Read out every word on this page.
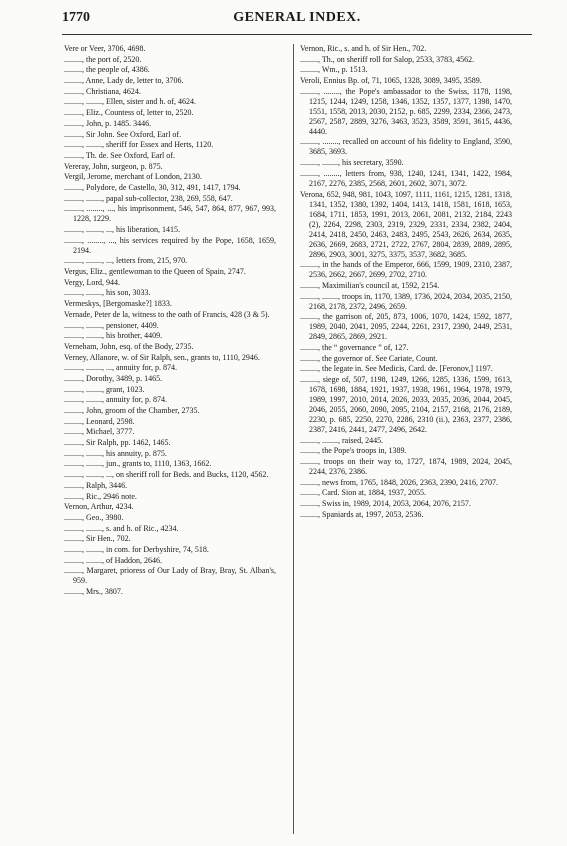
1770	GENERAL INDEX.

Vere or Veer, 3706, 4698.

........., the port of, 2520.

........., the people of, 4386.

........., Anne, Lady de, letter to, 3706.

........., Christiana, 4624.

........., ........, Ellen, sister and h. of, 4624.

........., Eliz., Countess of, letter to, 2520.

........., John, p. 1485. 3446.

........., Sir John. See Oxford, Earl of.

........., ........, sheriff for Essex and Herts, 1120.

........., Th. de. See Oxford, Earl of.

Vereray, John, surgeon, p. 875.

Vergil, Jerome, merchant of London, 2130.

........., Polydore, de Castello, 30, 312, 491, 1417, 1794.

........., ........, papal sub-collector, 238, 269, 558, 647.

........., ........, ..., his imprisonment, 546, 547, 864, 877, 967, 993, 1228, 1229.

........., ........, ..., his liberation, 1415.

........., ........, ..., his services required by the Pope, 1658, 1659, 2194.

........., ........, ..., letters from, 215, 970.

Vergus, Eliz., gentlewoman to the Queen of Spain, 2747.

Vergy, Lord, 944.

........., ........, his son, 3033.

Vermeskys, [Bergomaske?] 1833.

Vernade, Peter de la, witness to the oath of Francis, 428 (3 & 5).

........., ........, pensioner, 4409.

........., ........, his brother, 4409.

Verneham, John, esq. of the Body, 2735.

Verney, Allanore, w. of Sir Ralph, sen., grants to, 1110, 2946.

........., ........, ..., annuity for, p. 874.

........., Dorothy, 3489, p. 1465.

........., ........, grant, 1023.

........., ........, annuity for, p. 874.

........., John, groom of the Chamber, 2735.

........., Leonard, 2598.

........., Michael, 3777.

........., Sir Ralph, pp. 1462, 1465.

........., ........, his annuity, p. 875.

........., ........, jun., grants to, 1110, 1363, 1662.

........., ........, ..., on sheriff roll for Beds. and Bucks, 1120, 4562.

........., Ralph, 3446.

........., Ric., 2946 note.

Vernon, Arthur, 4234.

........., Geo., 3980.

........., ........, s. and h. of Ric., 4234.

........., Sir Hen., 702.

........., ........, in com. for Derbyshire, 74, 518.

........., ........, of Haddon, 2646.

........., Margaret, prioress of Our Lady of Bray, Bray, St. Alban's, 959.

........., Mrs., 3807.

Vernon, Ric., s. and h. of Sir Hen., 702.

........., Th., on sheriff roll for Salop, 2533, 3783, 4562.

........., Wm., p. 1513.

Veroli, Ennius Bp. of, 71, 1065, 1328, 3089, 3495, 3589.

........., ........, the Pope's ambassador to the Swiss, 1178, 1198, 1215, 1244, 1249, 1258, 1346, 1352, 1357, 1377, 1398, 1470, 1551, 1558, 2013, 2030, 2152, p. 685, 2299, 2334, 2366, 2473, 2567, 2587, 2889, 3276, 3463, 3523, 3589, 3591, 3615, 4436, 4440.

........., ........, recalled on account of his fidelity to England, 3590, 3685, 3693.

........., ........, his secretary, 3590.

........., ........, letters from, 938, 1240, 1241, 1341, 1422, 1984, 2167, 2276, 2385, 2568, 2601, 2602, 3071, 3072.

Verona, 652, 948, 981, 1043, 1097, 1111, 1161, 1215, 1281, 1318, 1341, 1352, 1380, 1392, 1404, 1413, 1418, 1581, 1618, 1653, 1684, 1711, 1853, 1991, 2013, 2061, 2081, 2132, 2184, 2243 (2), 2264, 2298, 2303, 2319, 2329, 2331, 2334, 2382, 2404, 2414, 2418, 2450, 2463, 2483, 2495, 2543, 2626, 2634, 2635, 2636, 2669, 2683, 2721, 2722, 2767, 2804, 2839, 2889, 2895, 2896, 2903, 3001, 3275, 3375, 3537, 3682, 3685.

........., in the hands of the Emperor, 666, 1599, 1909, 2310, 2387, 2536, 2662, 2667, 2699, 2702, 2710.

........., Maximilian's council at, 1592, 2154.

........., ........, troops in, 1170, 1389, 1736, 2024, 2034, 2035, 2150, 2168, 2178, 2372, 2496, 2659.

........., the garrison of, 205, 873, 1006, 1070, 1424, 1592, 1877, 1989, 2040, 2041, 2095, 2244, 2261, 2317, 2390, 2449, 2531, 2849, 2865, 2869, 2921.

........., the “ governance ” of, 127.

........., the governor of. See Cariate, Count.

........., the legate in. See Medicis, Card. de. [Feronov,] 1197.

........., siege of, 507, 1198, 1249, 1266, 1285, 1336, 1599, 1613, 1678, 1698, 1884, 1921, 1937, 1938, 1961, 1964, 1978, 1979, 1989, 1997, 2010, 2014, 2026, 2033, 2035, 2036, 2044, 2045, 2046, 2055, 2060, 2090, 2095, 2104, 2157, 2168, 2176, 2189, 2230, p. 685, 2250, 2270, 2286, 2310 (ii.), 2363, 2377, 2386, 2387, 2416, 2441, 2477, 2496, 2642.

........., ........, raised, 2445.

........., the Pope's troops in, 1389.

........., troops on their way to, 1727, 1874, 1989, 2024, 2045, 2244, 2376, 2386.

........., news from, 1765, 1848, 2026, 2363, 2390, 2416, 2707.

........., Card. Sion at, 1884, 1937, 2055.

........., Swiss in, 1989, 2014, 2053, 2064, 2076, 2157.

........., Spaniards at, 1997, 2053, 2536.
